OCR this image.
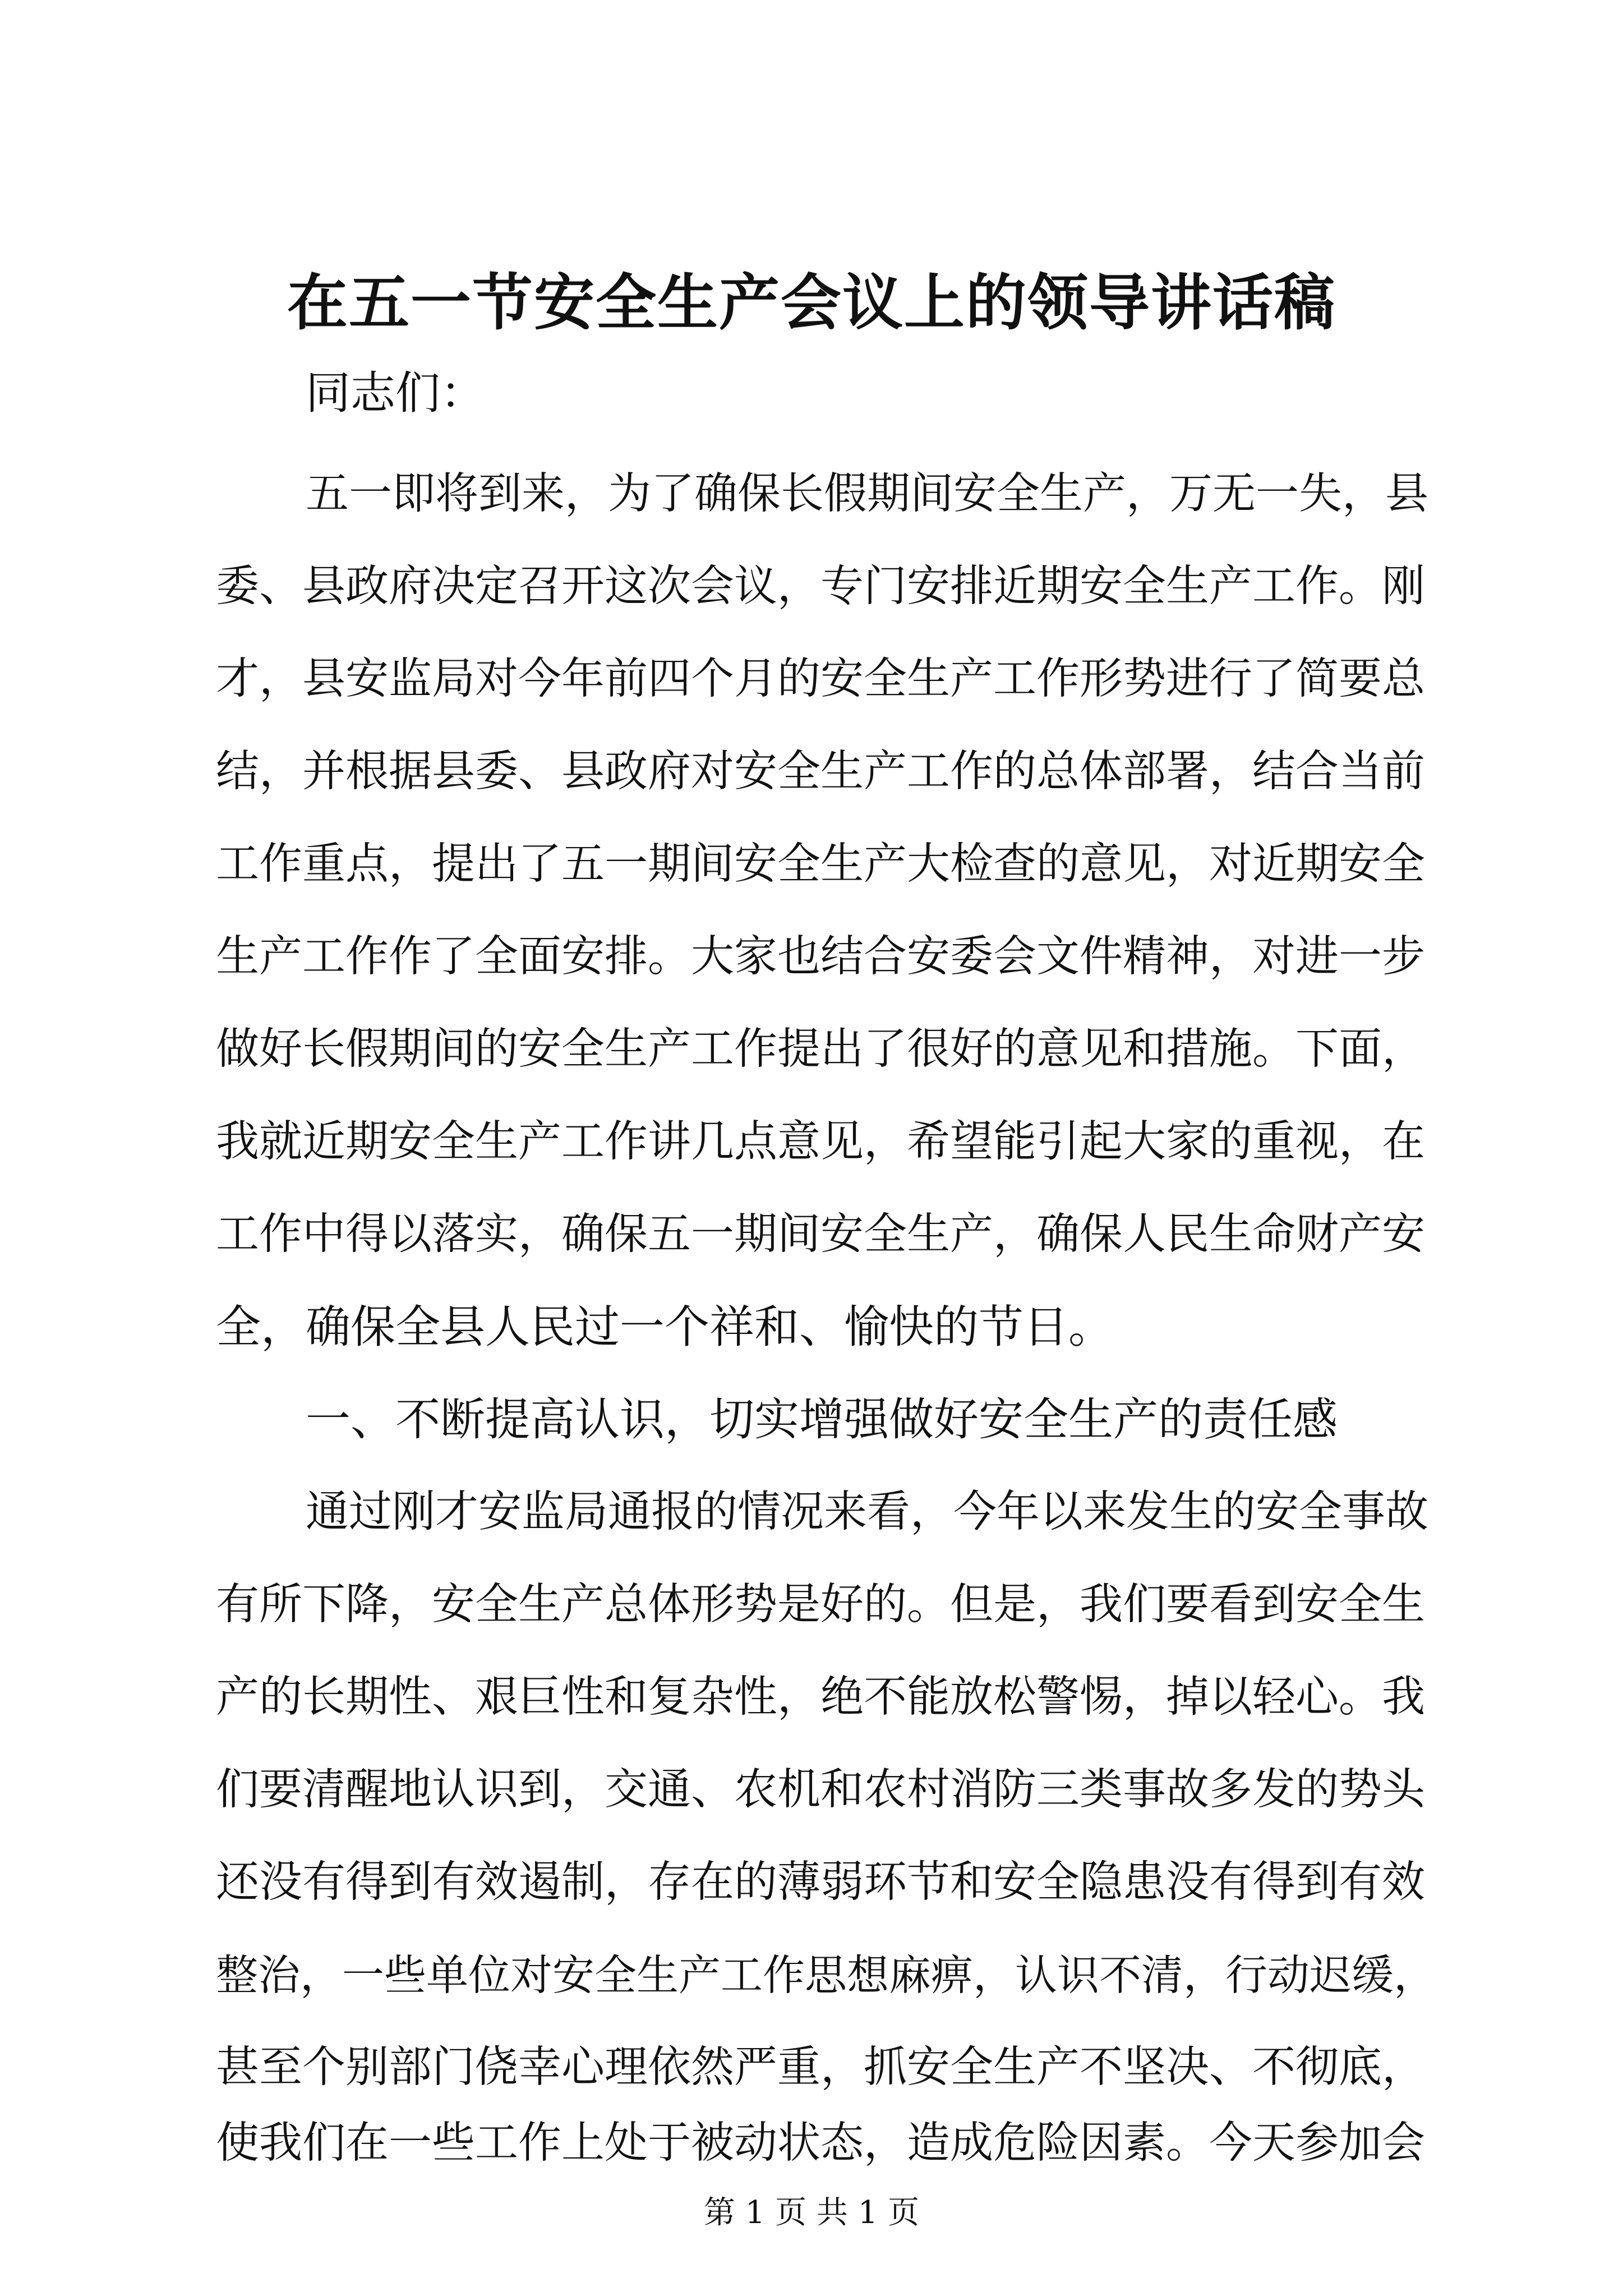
在五一节安全生产会议上的领导讲话稿

同志们：

五一即将到来，为了确保长假期间安全生产，万无一失，县

委、县政府决定召开这次会议，专门安排近期安全生产工作。刚

才，县安监局对今年前四个月的安全生产工作形势进行了简要总

结，并根据县委、县政府对安全生产工作的总体部署，结合当前

工作重点，提出了五一期间安全生产大检查的意见，对近期安全

生产工作作了全面安排。大家也结合安委会文件精神，对进一步

做好长假期间的安全生产工作提出了很好的意见和措施。下面，

我就近期安全生产工作讲几点意见，希望能引起大家的重视，在

工作中得以落实，确保五一期间安全生产，确保人民生命财产安

全，确保全县人民过一个祥和、愉快的节日。

一、不断提高认识，切实增强做好安全生产的责任感

通过刚才安监局通报的情况来看，今年以来发生的安全事故

有所下降，安全生产总体形势是好的。但是，我们要看到安全生

产的长期性、艰巨性和复杂性，绝不能放松警惕，掉以轻心。我

们要清醒地认识到，交通、农机和农村消防三类事故多发的势头

还没有得到有效遏制，存在的薄弱环节和安全隐患没有得到有效

整治，一些单位对安全生产工作思想麻痹，认识不清，行动迟缓，

甚至个别部门侥幸心理依然严重，抓安全生产不坚决、不彻底，

使我们在一些工作上处于被动状态，造成危险因素。今天参加会

第 1 页 共 1 页
